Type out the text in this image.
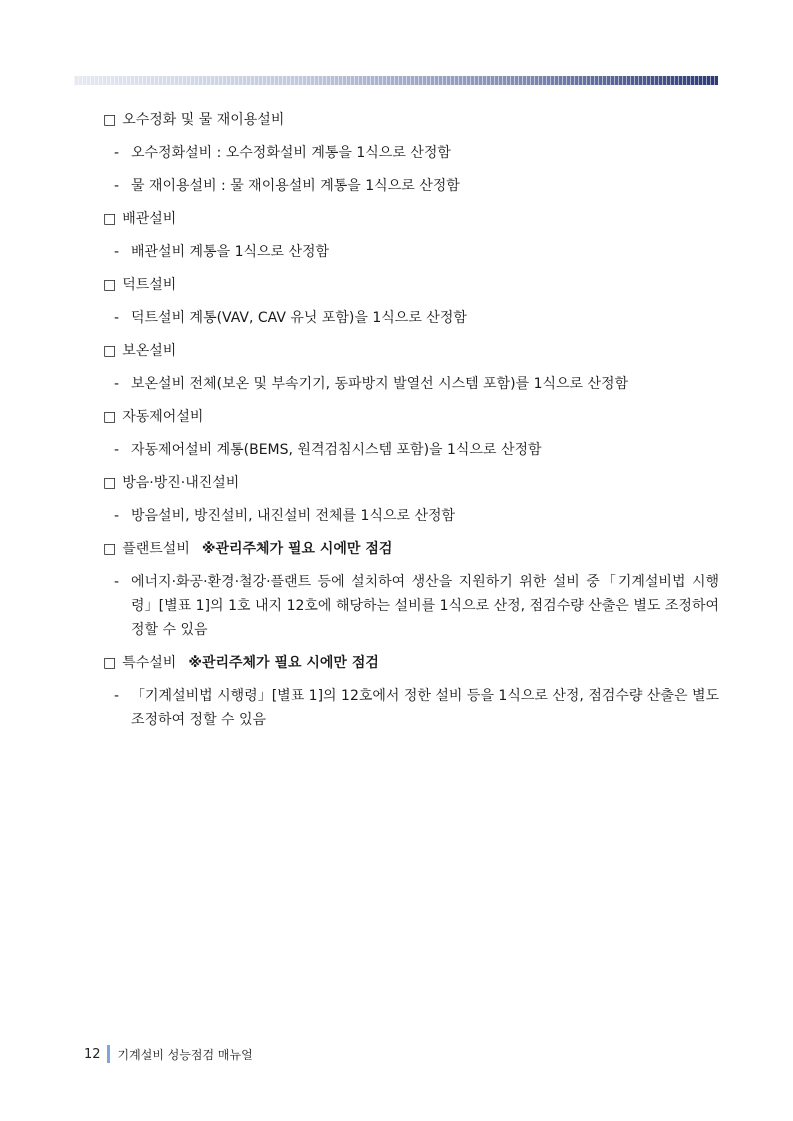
□ 오수정화 및 물 재이용설비
- 오수정화설비 : 오수정화설비 계통을 1식으로 산정함
- 물 재이용설비 : 물 재이용설비 계통을 1식으로 산정함
□ 배관설비
- 배관설비 계통을 1식으로 산정함
□ 덕트설비
- 덕트설비 계통(VAV, CAV 유닛 포함)을 1식으로 산정함
□ 보온설비
- 보온설비 전체(보온 및 부속기기, 동파방지 발열선 시스템 포함)를 1식으로 산정함
□ 자동제어설비
- 자동제어설비 계통(BEMS, 원격검침시스템 포함)을 1식으로 산정함
□ 방음·방진·내진설비
- 방음설비, 방진설비, 내진설비 전체를 1식으로 산정함
□ 플랜트설비 ※관리주체가 필요 시에만 점검
- 에너지·화공·환경·철강·플랜트 등에 설치하여 생산을 지원하기 위한 설비 중「기계설비법 시행령」[별표 1]의 1호 내지 12호에 해당하는 설비를 1식으로 산정, 점검수량 산출은 별도 조정하여 정할 수 있음
□ 특수설비 ※관리주체가 필요 시에만 점검
- 「기계설비법 시행령」[별표 1]의 12호에서 정한 설비 등을 1식으로 산정, 점검수량 산출은 별도 조정하여 정할 수 있음
12 기계설비 성능점검 매뉴얼
